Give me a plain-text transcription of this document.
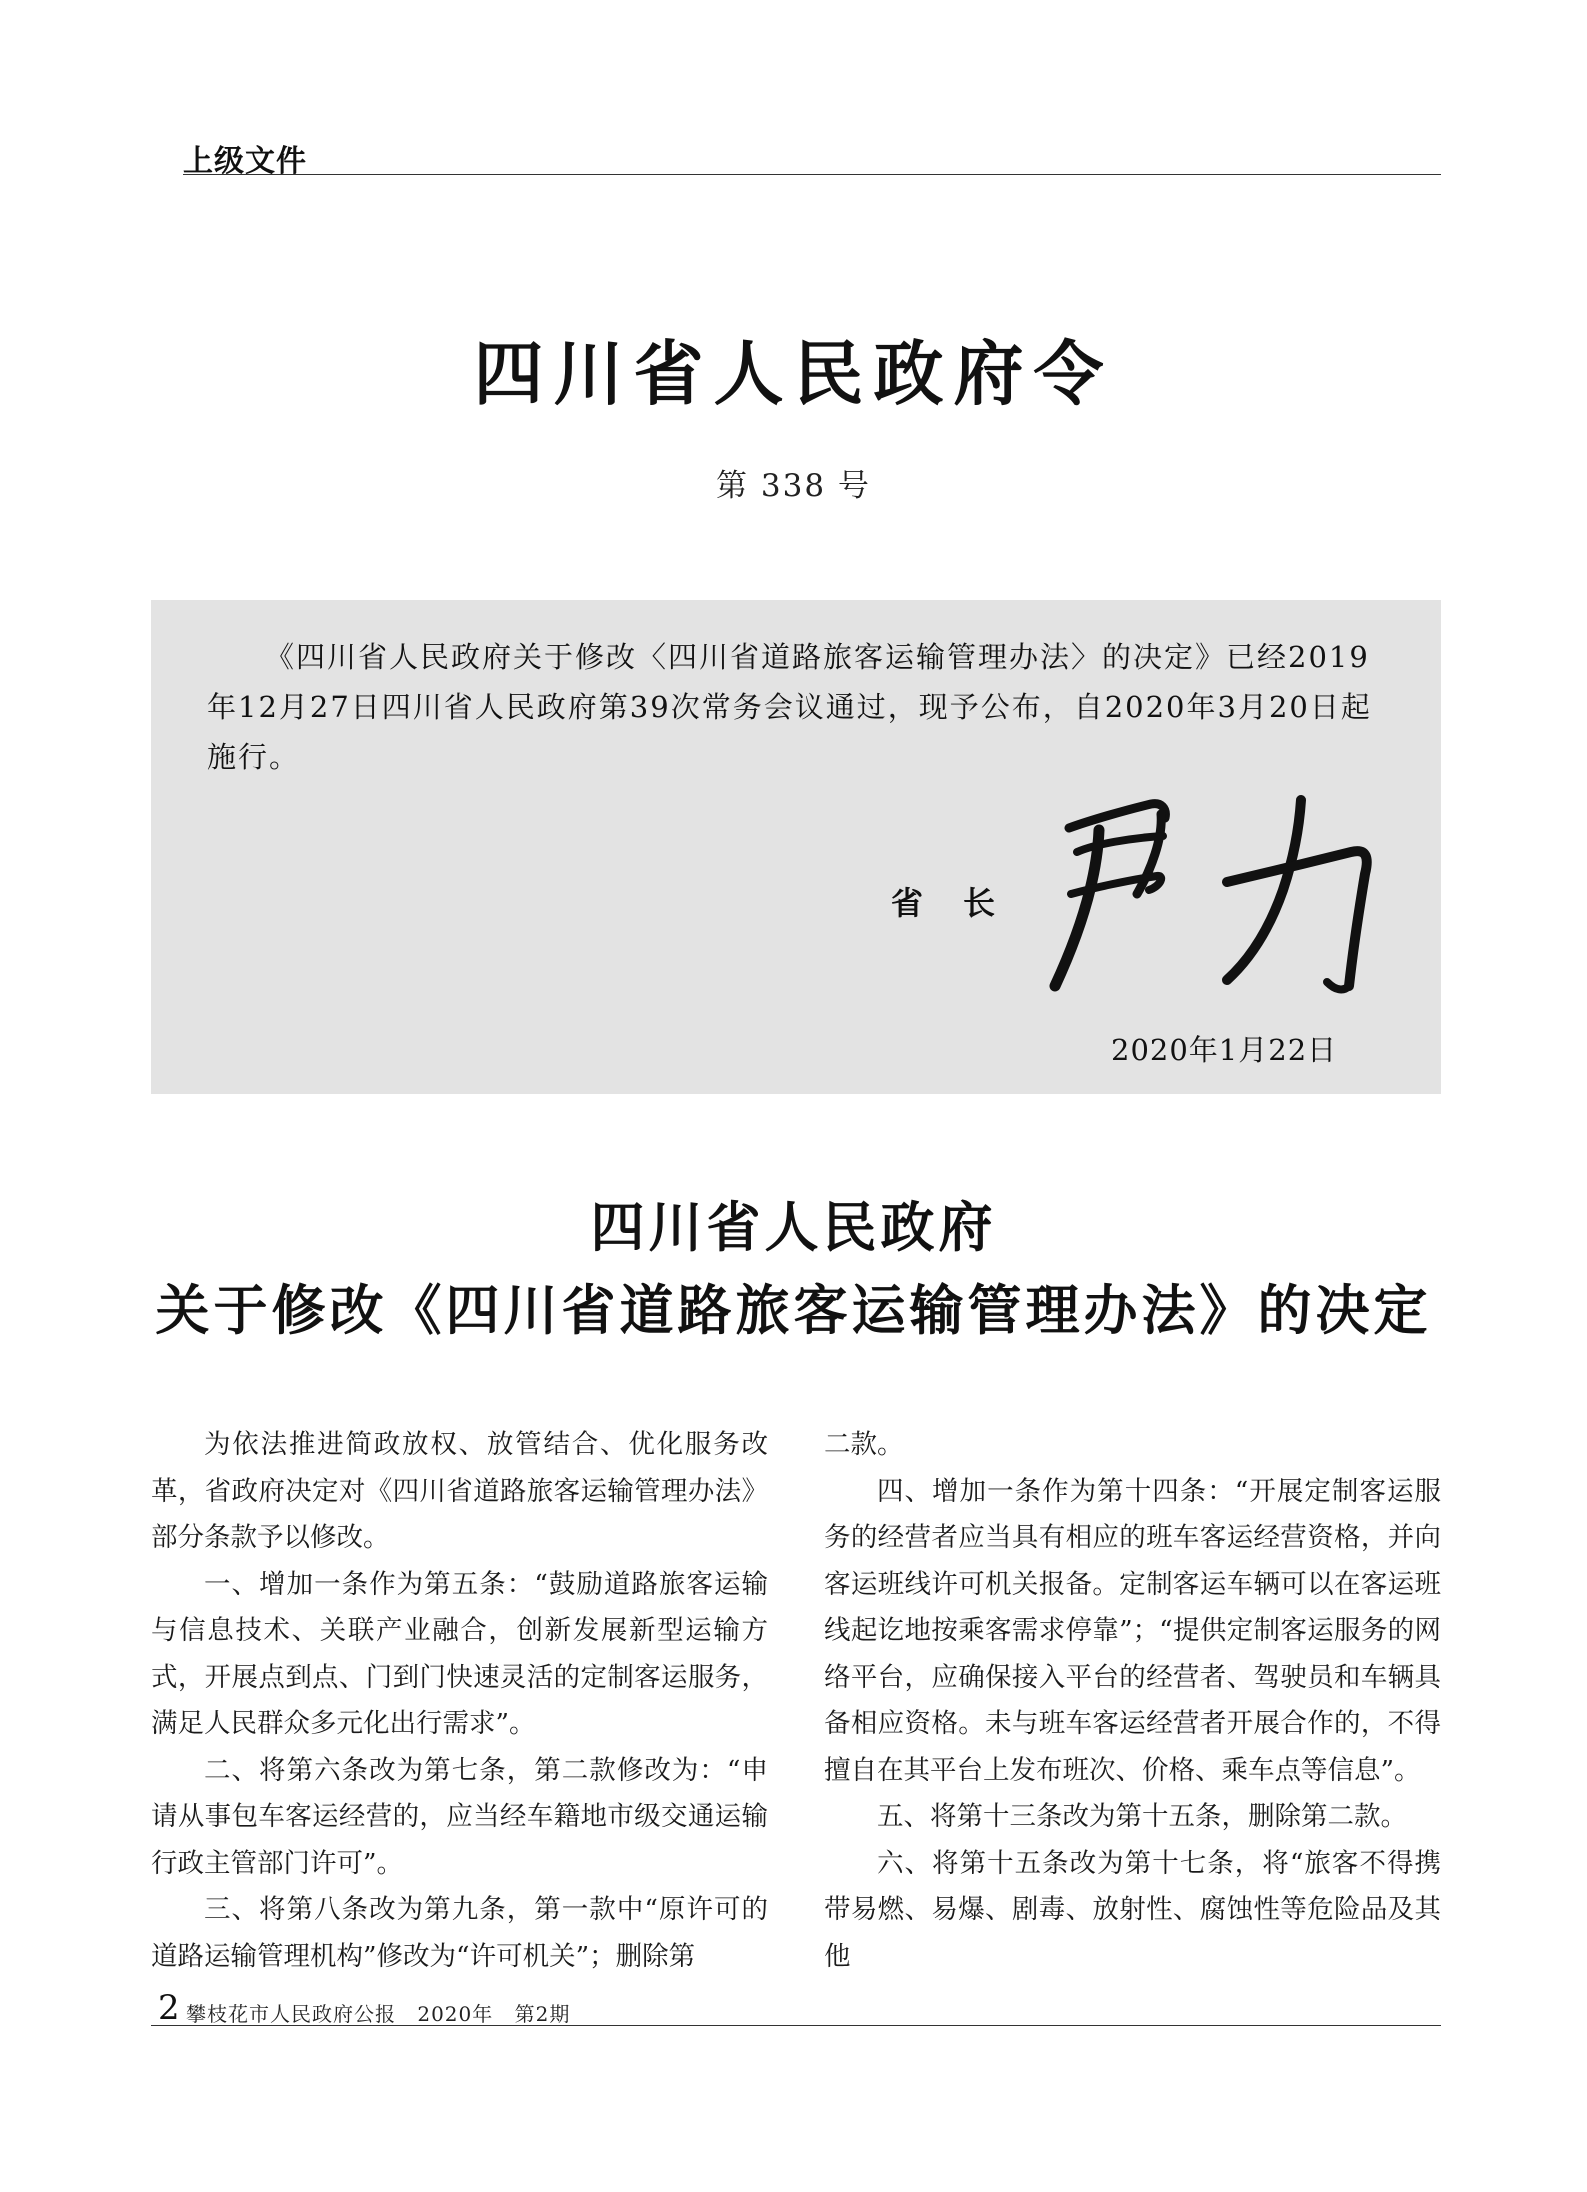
上级文件
四川省人民政府令
第 338 号
《四川省人民政府关于修改〈四川省道路旅客运输管理办法〉的决定》已经2019年12月27日四川省人民政府第39次常务会议通过，现予公布，自2020年3月20日起施行。
省长
2020年1月22日
四川省人民政府
关于修改《四川省道路旅客运输管理办法》的决定

为依法推进简政放权、放管结合、优化服务改革，省政府决定对《四川省道路旅客运输管理办法》部分条款予以修改。

一、增加一条作为第五条：“鼓励道路旅客运输与信息技术、关联产业融合，创新发展新型运输方式，开展点到点、门到门快速灵活的定制客运服务，满足人民群众多元化出行需求”。

二、将第六条改为第七条，第二款修改为：“申请从事包车客运经营的，应当经车籍地市级交通运输行政主管部门许可”。

三、将第八条改为第九条，第一款中“原许可的道路运输管理机构”修改为“许可机关”；删除第

二款。

四、增加一条作为第十四条：“开展定制客运服务的经营者应当具有相应的班车客运经营资格，并向客运班线许可机关报备。定制客运车辆可以在客运班线起讫地按乘客需求停靠”；“提供定制客运服务的网络平台，应确保接入平台的经营者、驾驶员和车辆具备相应资格。未与班车客运经营者开展合作的，不得擅自在其平台上发布班次、价格、乘车点等信息”。

五、将第十三条改为第十五条，删除第二款。

六、将第十五条改为第十七条，将“旅客不得携带易燃、易爆、剧毒、放射性、腐蚀性等危险品及其他

2 攀枝花市人民政府公报 2020年 第2期
